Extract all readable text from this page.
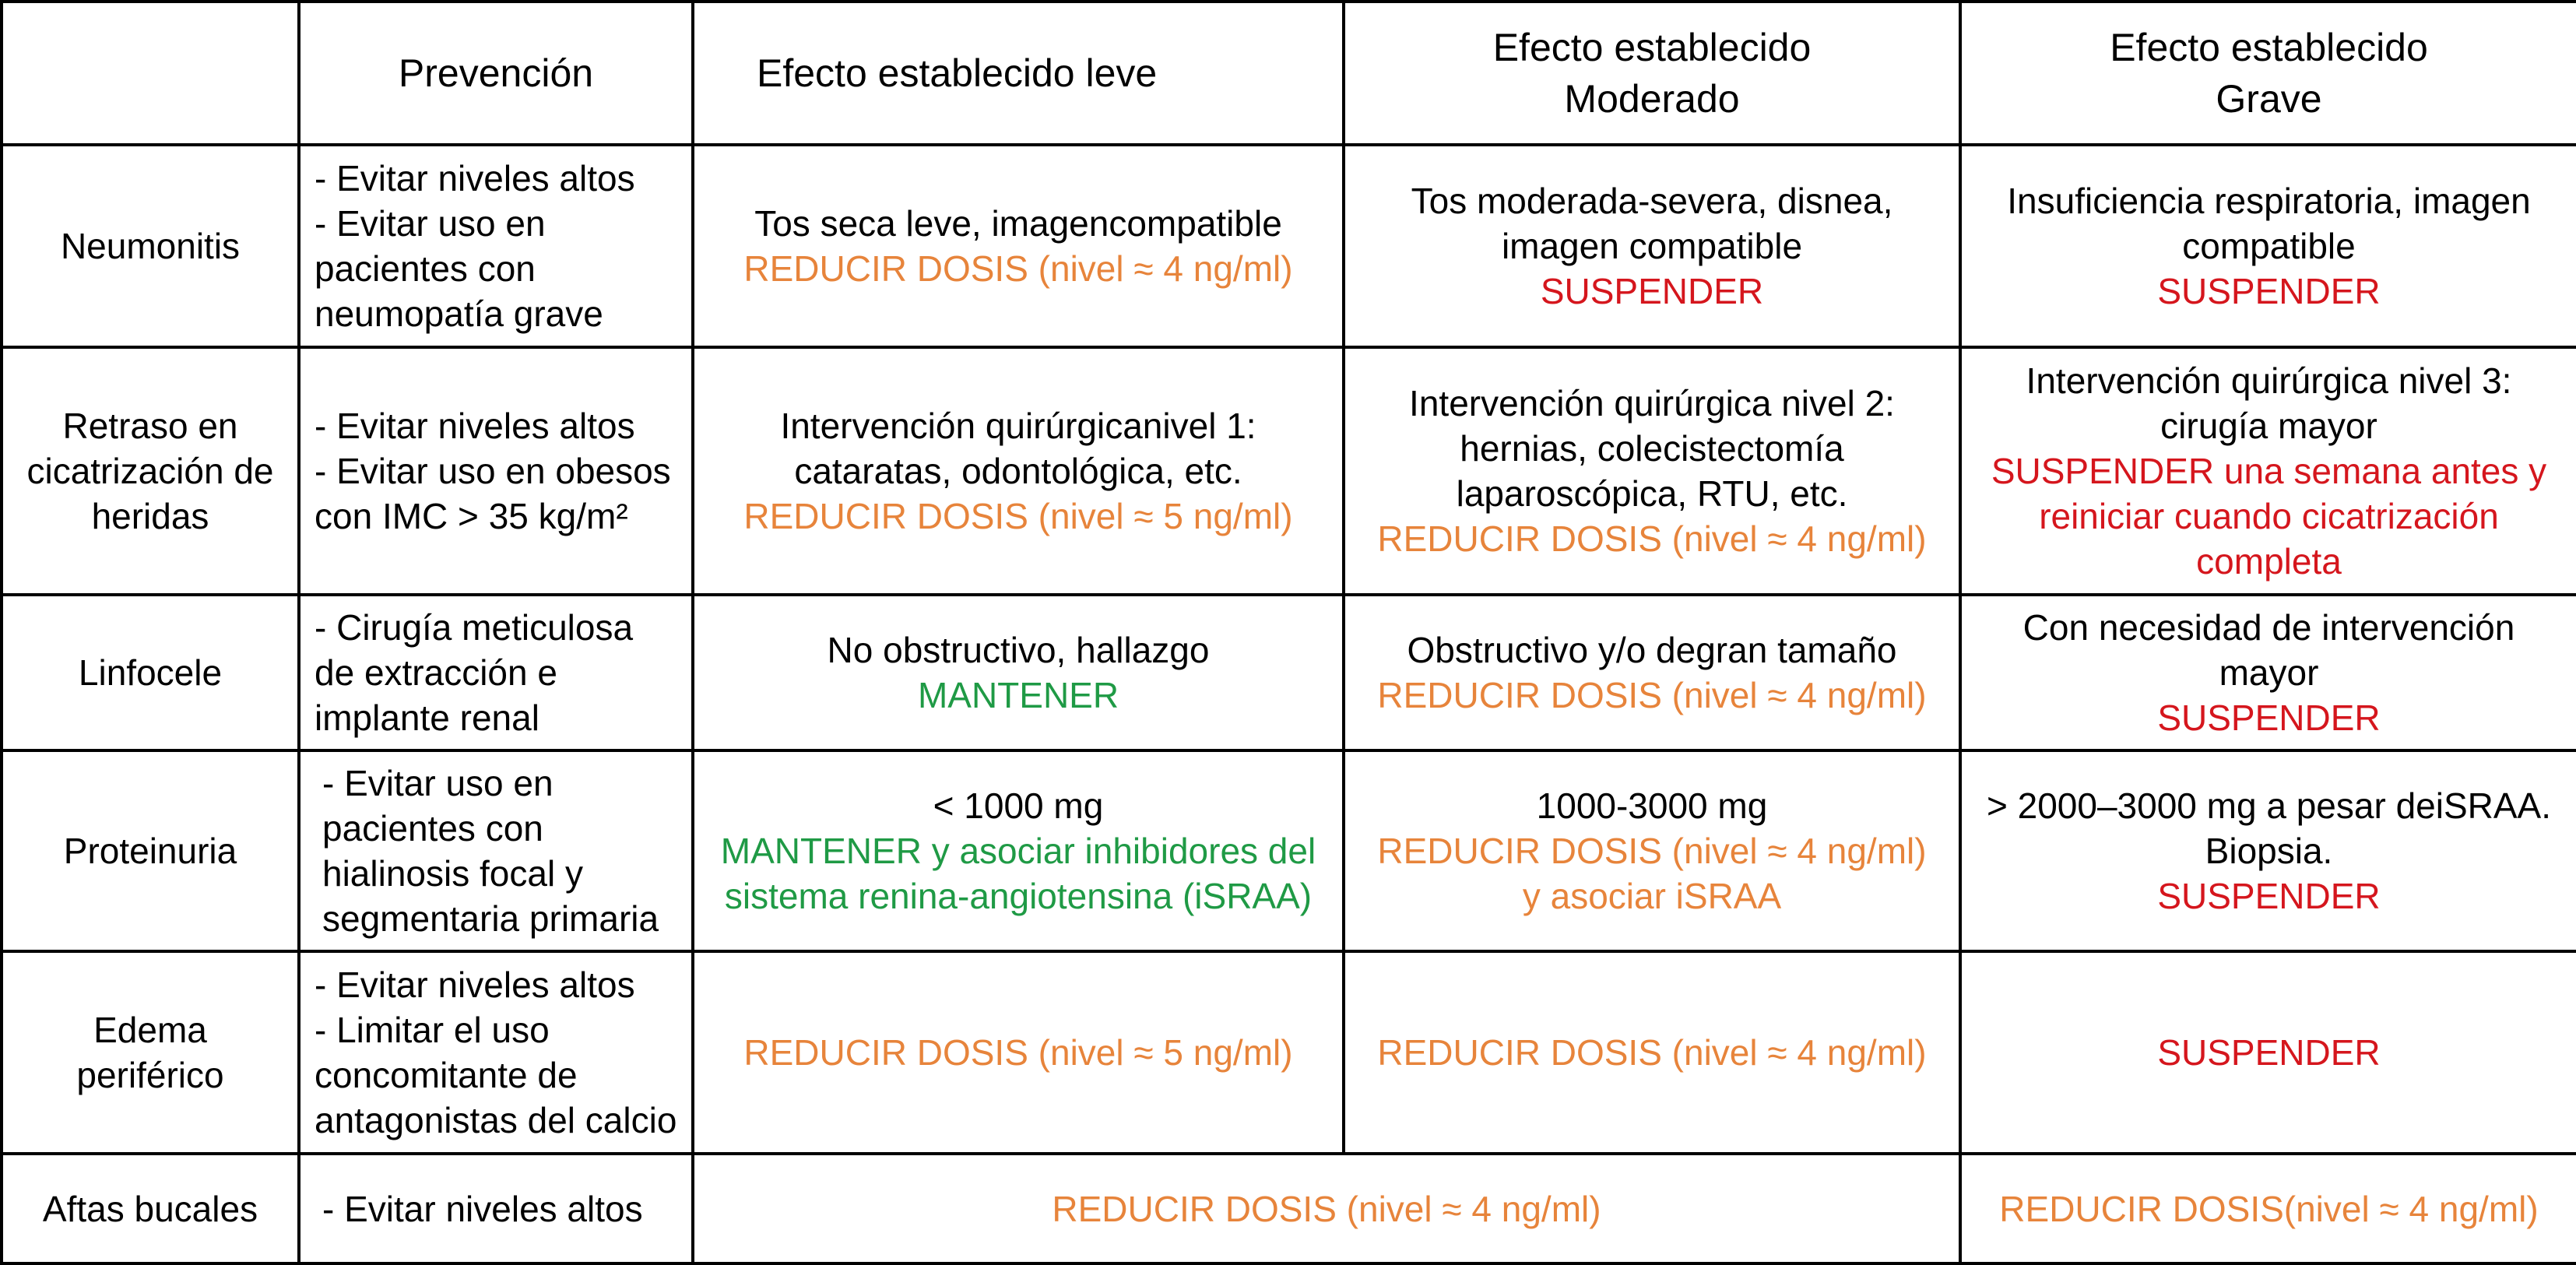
	Prevención	Efecto establecido leve	Efecto establecido
Moderado	Efecto establecido
Grave

Neumonitis	- Evitar niveles altos
- Evitar uso en
pacientes con
neumopatía grave	Tos seca leve, imagencompatible
REDUCIR DOSIS (nivel ≈ 4 ng/ml)	Tos moderada-severa, disnea,
imagen compatible
SUSPENDER	Insuficiencia respiratoria, imagen
compatible
SUSPENDER

Retraso en
cicatrización de
heridas	- Evitar niveles altos
- Evitar uso en obesos
con IMC > 35 kg/m²	Intervención quirúrgicanivel 1:
cataratas, odontológica, etc.
REDUCIR DOSIS (nivel ≈ 5 ng/ml)	Intervención quirúrgica nivel 2:
hernias, colecistectomía
laparoscópica, RTU, etc.
REDUCIR DOSIS (nivel ≈ 4 ng/ml)	Intervención quirúrgica nivel 3:
cirugía mayor
SUSPENDER una semana antes y
reiniciar cuando cicatrización
completa

Linfocele	- Cirugía meticulosa
de extracción e
implante renal	No obstructivo, hallazgo
MANTENER	Obstructivo y/o degran tamaño
REDUCIR DOSIS (nivel ≈ 4 ng/ml)	Con necesidad de intervención
mayor
SUSPENDER

Proteinuria	- Evitar uso en
pacientes con
hialinosis focal y
segmentaria primaria	< 1000 mg
MANTENER y asociar inhibidores del
sistema renina-angiotensina (iSRAA)	1000-3000 mg
REDUCIR DOSIS (nivel ≈ 4 ng/ml)
y asociar iSRAA	> 2000–3000 mg a pesar deiSRAA.
Biopsia.
SUSPENDER

Edema
periférico	- Evitar niveles altos
- Limitar el uso
concomitante de
antagonistas del calcio	REDUCIR DOSIS (nivel ≈ 5 ng/ml)	REDUCIR DOSIS (nivel ≈ 4 ng/ml)	SUSPENDER

Aftas bucales	- Evitar niveles altos	REDUCIR DOSIS (nivel ≈ 4 ng/ml)		REDUCIR DOSIS(nivel ≈ 4 ng/ml)
